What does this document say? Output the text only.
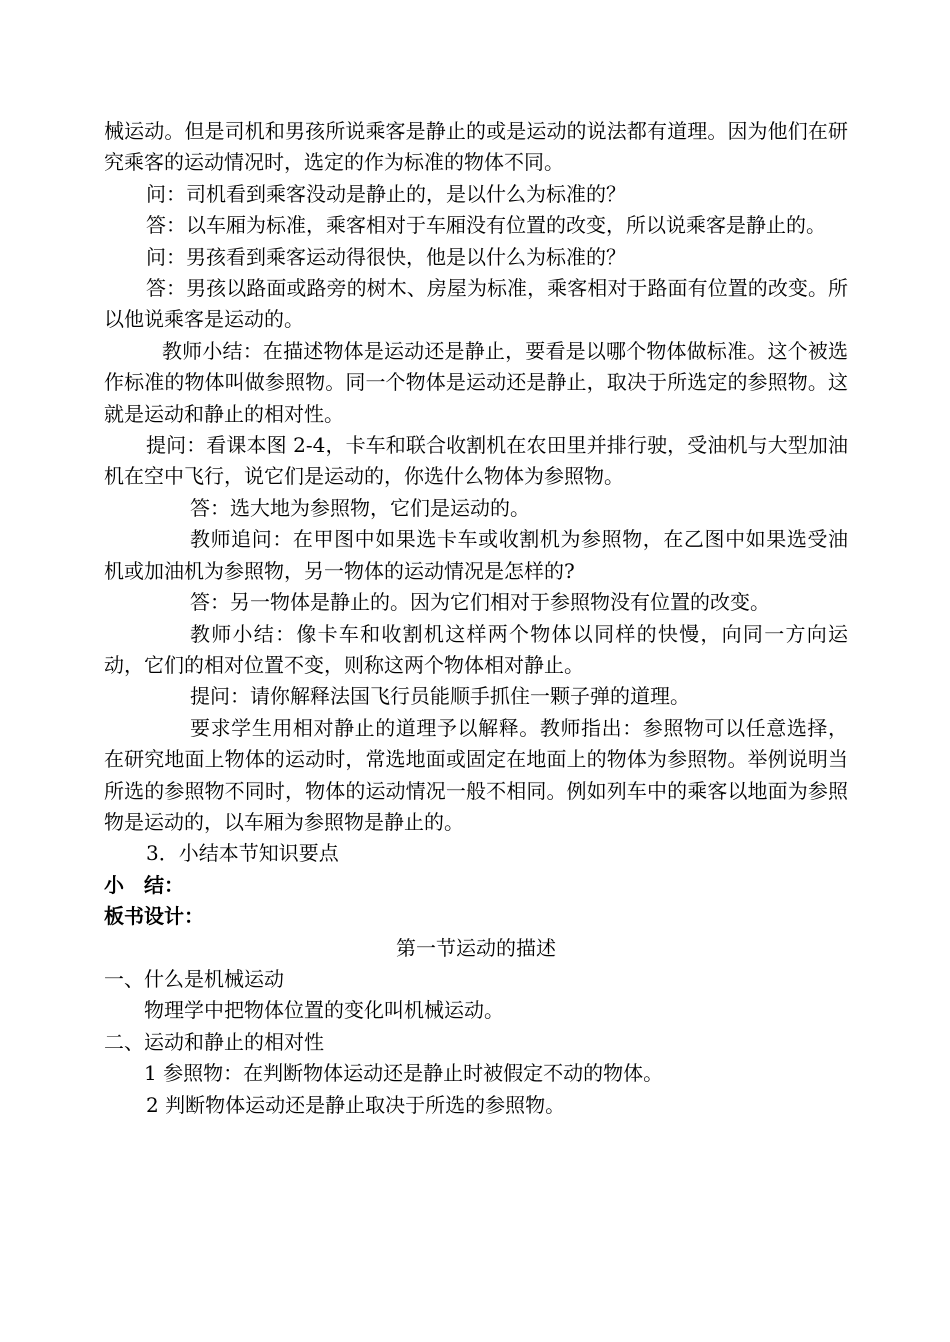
械运动。但是司机和男孩所说乘客是静止的或是运动的说法都有道理。因为他们在研究乘客的运动情况时，选定的作为标准的物体不同。

问：司机看到乘客没动是静止的，是以什么为标准的？

答：以车厢为标准，乘客相对于车厢没有位置的改变，所以说乘客是静止的。

问：男孩看到乘客运动得很快，他是以什么为标准的？

答：男孩以路面或路旁的树木、房屋为标准，乘客相对于路面有位置的改变。所以他说乘客是运动的。

教师小结：在描述物体是运动还是静止，要看是以哪个物体做标准。这个被选作标准的物体叫做参照物。同一个物体是运动还是静止，取决于所选定的参照物。这就是运动和静止的相对性。

提问：看课本图 2-4，卡车和联合收割机在农田里并排行驶，受油机与大型加油机在空中飞行，说它们是运动的，你选什么物体为参照物。

答：选大地为参照物，它们是运动的。

教师追问：在甲图中如果选卡车或收割机为参照物，在乙图中如果选受油机或加油机为参照物，另一物体的运动情况是怎样的?

答：另一物体是静止的。因为它们相对于参照物没有位置的改变。

教师小结：像卡车和收割机这样两个物体以同样的快慢，向同一方向运动，它们的相对位置不变，则称这两个物体相对静止。

提问：请你解释法国飞行员能顺手抓住一颗子弹的道理。

要求学生用相对静止的道理予以解释。教师指出：参照物可以任意选择，在研究地面上物体的运动时，常选地面或固定在地面上的物体为参照物。举例说明当所选的参照物不同时，物体的运动情况一般不相同。例如列车中的乘客以地面为参照物是运动的，以车厢为参照物是静止的。

3．小结本节知识要点

小　结：

板书设计：

第一节运动的描述

一、什么是机械运动

物理学中把物体位置的变化叫机械运动。

二、运动和静止的相对性

1 参照物：在判断物体运动还是静止时被假定不动的物体。

2 判断物体运动还是静止取决于所选的参照物。
